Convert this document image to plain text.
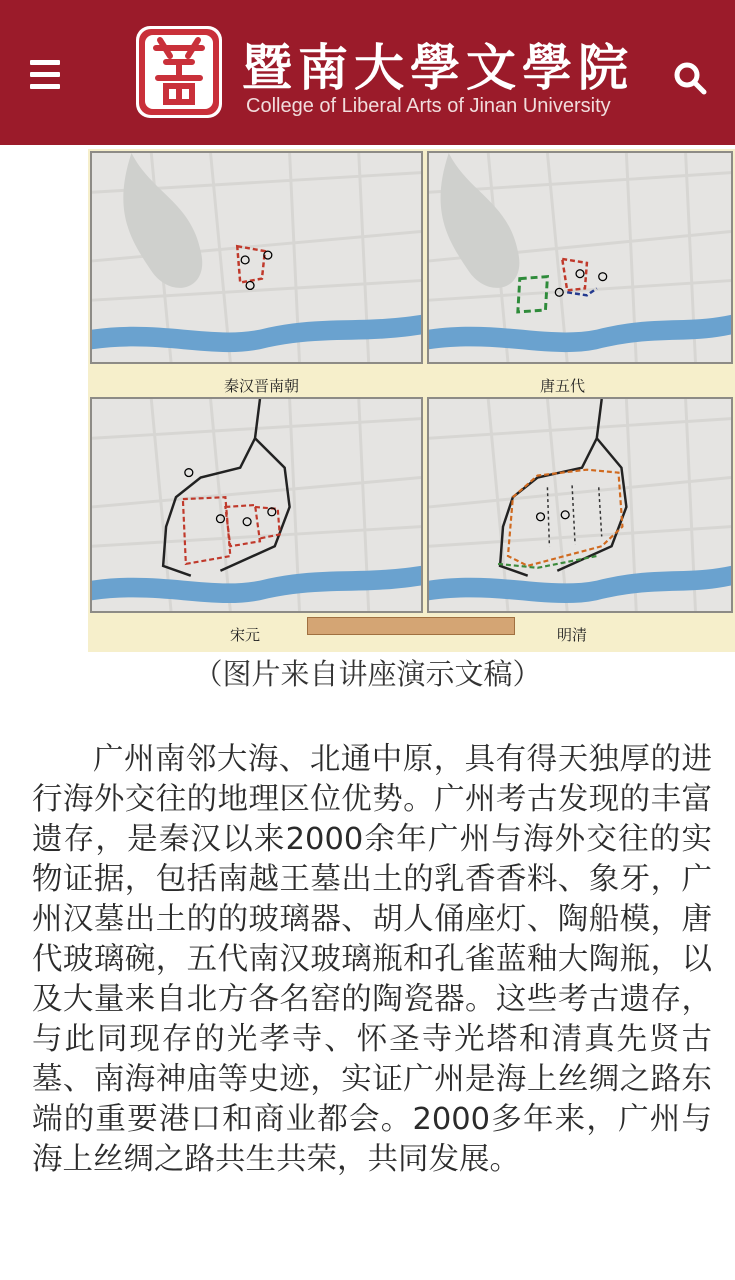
暨南大學文學院
College of Liberal Arts of Jinan University
秦汉晋南朝	唐五代
宋元	明清
（图片来自讲座演示文稿）

广州南邻大海、北通中原，具有得天独厚的进行海外交往的地理区位优势。广州考古发现的丰富遗存，是秦汉以来2000余年广州与海外交往的实物证据，包括南越王墓出土的乳香香料、象牙，广州汉墓出土的的玻璃器、胡人俑座灯、陶船模，唐代玻璃碗，五代南汉玻璃瓶和孔雀蓝釉大陶瓶，以及大量来自北方各名窑的陶瓷器。这些考古遗存，与此同现存的光孝寺、怀圣寺光塔和清真先贤古墓、南海神庙等史迹，实证广州是海上丝绸之路东端的重要港口和商业都会。2000多年来，广州与海上丝绸之路共生共荣，共同发展。
